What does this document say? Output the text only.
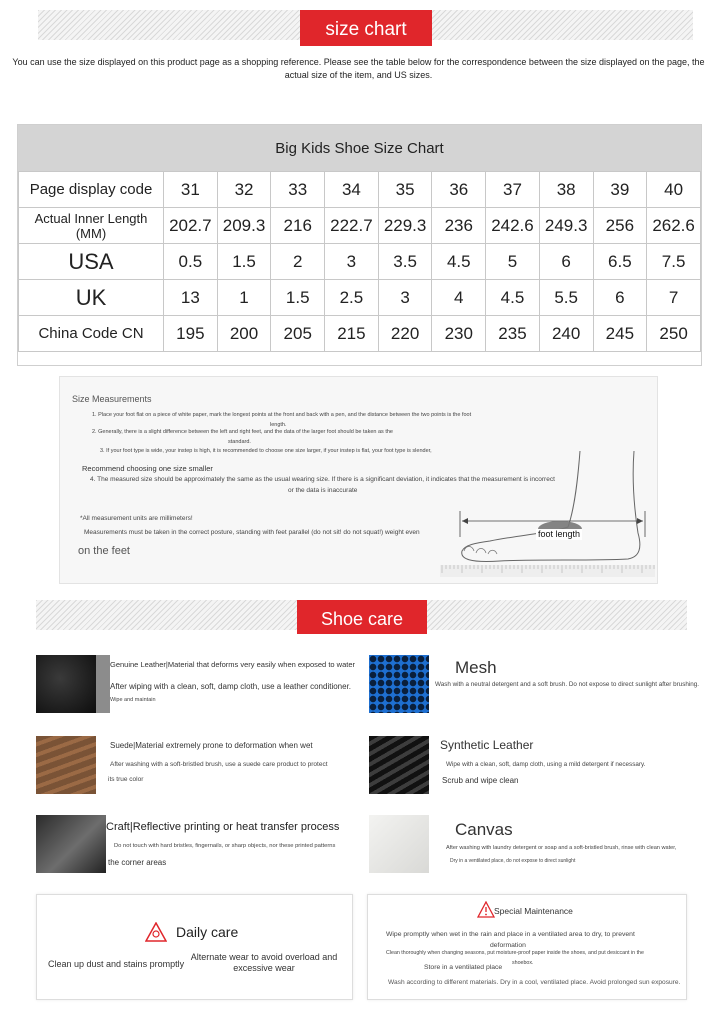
size chart
You can use the size displayed on this product page as a shopping reference. Please see the table below for the correspondence between the size displayed on the page, the actual size of the item, and US sizes.
Big Kids Shoe Size Chart
Page display code	31	32	33	34	35	36	37	38	39	40
Actual Inner Length (MM)	202.7	209.3	216	222.7	229.3	236	242.6	249.3	256	262.6
USA	0.5	1.5	2	3	3.5	4.5	5	6	6.5	7.5
UK	13	1	1.5	2.5	3	4	4.5	5.5	6	7
China Code CN	195	200	205	215	220	230	235	240	245	250
Size Measurements
1. Place your foot flat on a piece of white paper, mark the longest points at the front and back with a pen, and the distance between the two points is the foot
length.
2. Generally, there is a slight difference between the left and right feet, and the data of the larger foot should be taken as the
standard.
3. If your foot type is wide, your instep is high, it is recommended to choose one size larger, if your instep is flat, your foot type is slender,
Recommend choosing one size smaller
4. The measured size should be approximately the same as the usual wearing size. If there is a significant deviation, it indicates that the measurement is incorrect
or the data is inaccurate
*All measurement units are millimeters!
Measurements must be taken in the correct posture, standing with feet parallel (do not sit! do not squat!) weight even
on the feet
foot length
Shoe care
Genuine Leather|Material that deforms very easily when exposed to water
After wiping with a clean, soft, damp cloth, use a leather conditioner.
Wipe and maintain
Mesh
Wash with a neutral detergent and a soft brush. Do not expose to direct sunlight after brushing.
Suede|Material extremely prone to deformation when wet
After washing with a soft-bristled brush, use a suede care product to protect
its true color
Synthetic Leather
Wipe with a clean, soft, damp cloth, using a mild detergent if necessary.
Scrub and wipe clean
Craft|Reflective printing or heat transfer process
Do not touch with hard bristles, fingernails, or sharp objects, nor these printed patterns
the corner areas
Canvas
After washing with laundry detergent or soap and a soft-bristled brush, rinse with clean water,
Dry in a ventilated place, do not expose to direct sunlight
Daily care
Clean up dust and stains promptly
Alternate wear to avoid overload and excessive wear
Special Maintenance
Wipe promptly when wet in the rain and place in a ventilated area to dry, to prevent
deformation
Clean thoroughly when changing seasons, put moisture-proof paper inside the shoes, and put desiccant in the
shoebox.
Store in a ventilated place
Wash according to different materials. Dry in a cool, ventilated place. Avoid prolonged sun exposure.
